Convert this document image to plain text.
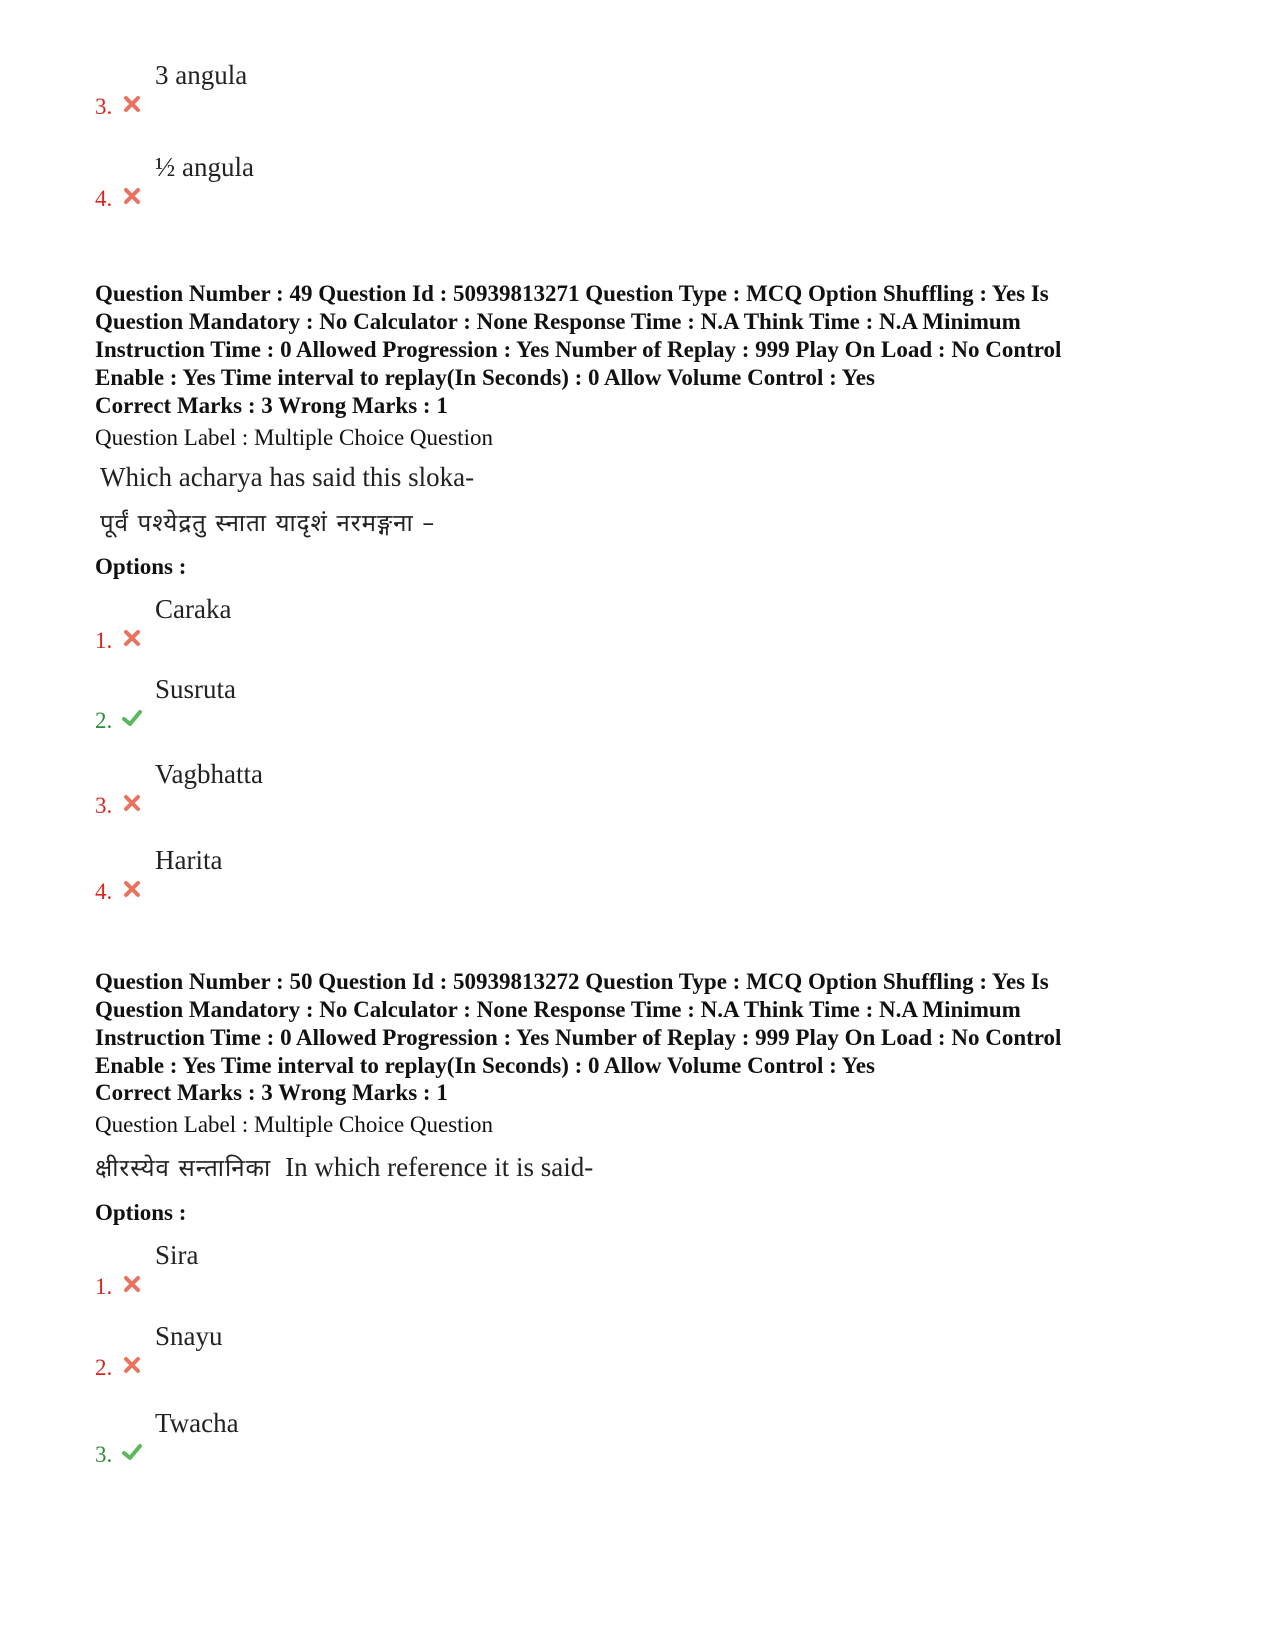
3.
3 angula
4.
½ angula
Question Number : 49 Question Id : 50939813271 Question Type : MCQ Option Shuffling : Yes Is
Question Mandatory : No Calculator : None Response Time : N.A Think Time : N.A Minimum
Instruction Time : 0 Allowed Progression : Yes Number of Replay : 999 Play On Load : No Control
Enable : Yes Time interval to replay(In Seconds) : 0 Allow Volume Control : Yes
Correct Marks : 3 Wrong Marks : 1
Question Label : Multiple Choice Question
Which acharya has said this sloka-
पूर्वं पश्येद्रतु स्नाता यादृशं नरमङ्गना –
Options :
1.
Caraka
2.
Susruta
3.
Vagbhatta
4.
Harita
Question Number : 50 Question Id : 50939813272 Question Type : MCQ Option Shuffling : Yes Is
Question Mandatory : No Calculator : None Response Time : N.A Think Time : N.A Minimum
Instruction Time : 0 Allowed Progression : Yes Number of Replay : 999 Play On Load : No Control
Enable : Yes Time interval to replay(In Seconds) : 0 Allow Volume Control : Yes
Correct Marks : 3 Wrong Marks : 1
Question Label : Multiple Choice Question
क्षीरस्येव सन्तानिका In which reference it is said-
Options :
1.
Sira
2.
Snayu
3.
Twacha
